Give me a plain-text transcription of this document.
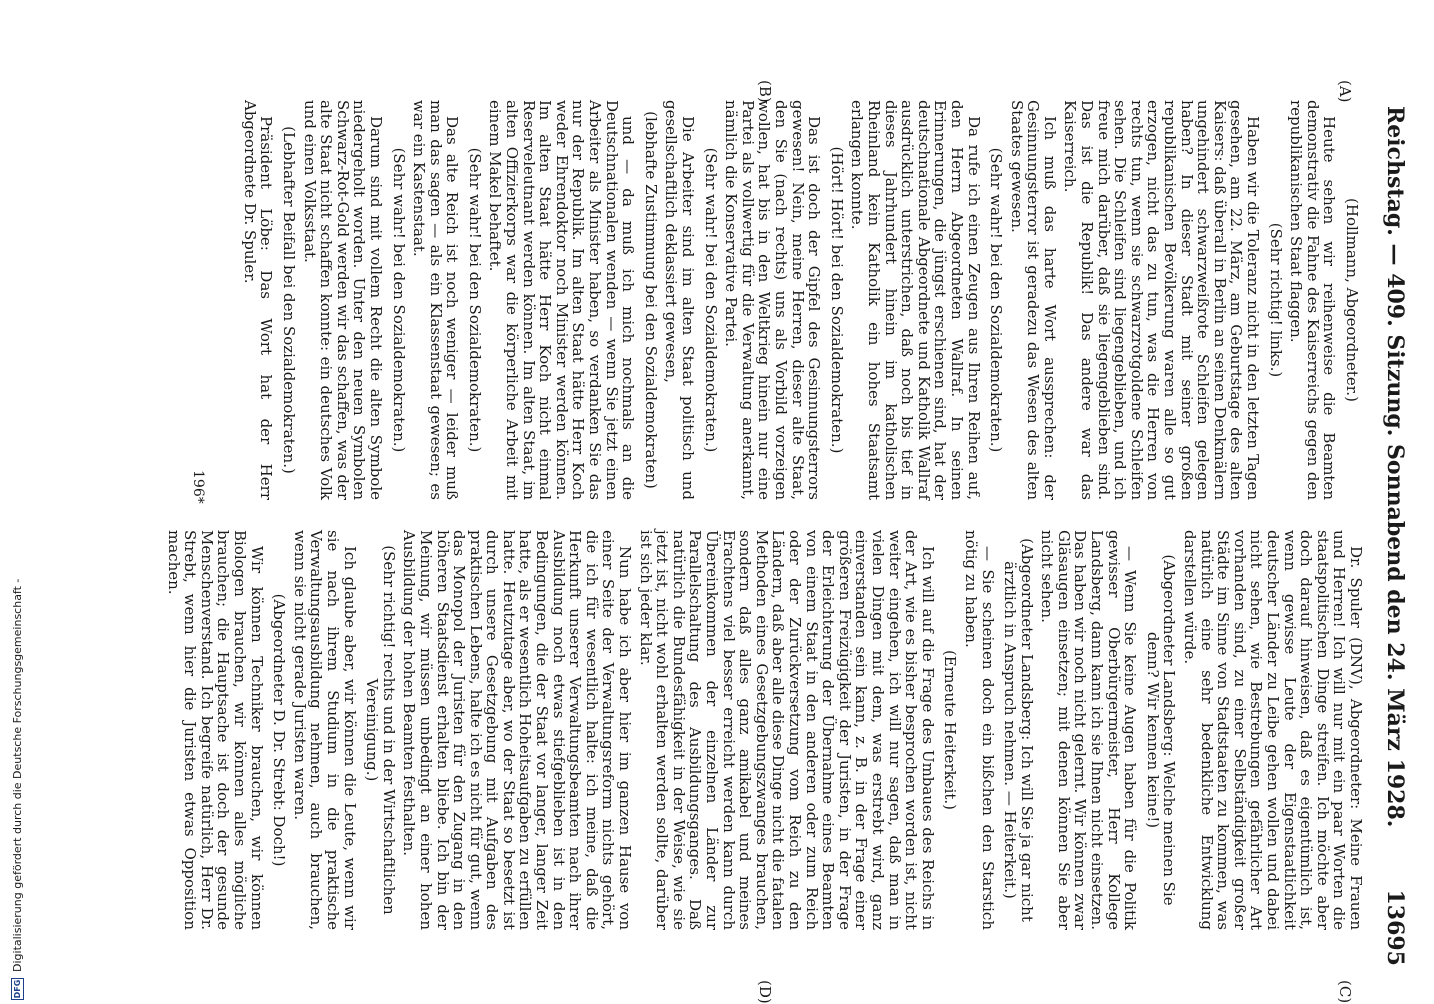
Reichstag. — 409. Sitzung. Sonnabend den 24. März 1928.
13695
(A)
(B)
(C)
(D)
(Hollmann, Abgeordneter.)
Heute sehen wir reihenweise die Beamten demonstrativ die Fahne des Kaiserreichs gegen den republikanischen Staat flaggen.
(Sehr richtig! links.)
Haben wir die Toleranz nicht in den letzten Tagen gesehen, am 22. März, am Geburtstage des alten Kaisers: daß überall in Berlin an seinen Denkmälern ungehindert schwarzweißrote Schleifen gelegen haben? In dieser Stadt mit seiner großen republikanischen Bevölkerung waren alle so gut erzogen, nicht das zu tun, was die Herren von rechts tun, wenn sie schwarzrotgoldene Schleifen sehen. Die Schleifen sind liegengeblieben, und ich freue mich darüber, daß sie liegengeblieben sind. Das ist die Republik! Das andere war das Kaiserreich.
Ich muß das harte Wort aussprechen: der Gesinnungsterror ist geradezu das Wesen des alten Staates gewesen.
(Sehr wahr! bei den Sozialdemokraten.)
Da rufe ich einen Zeugen aus Ihren Reihen auf, den Herrn Abgeordneten Wallraf. In seinen Erinnerungen, die jüngst erschienen sind, hat der deutschnationale Abgeordnete und Katholik Wallraf ausdrücklich unterstrichen, daß noch bis tief in dieses Jahrhundert hinein im katholischen Rheinland kein Katholik ein hohes Staatsamt erlangen konnte.
(Hört! Hört! bei den Sozialdemokraten.)
Das ist doch der Gipfel des Gesinnungsterrors gewesen! Nein, meine Herren, dieser alte Staat, den Sie (nach rechts) uns als Vorbild vorzeigen wollen, hat bis in den Weltkrieg hinein nur eine Partei als vollwertig für die Verwaltung anerkannt, nämlich die Konservative Partei.
(Sehr wahr! bei den Sozialdemokraten.)
Die Arbeiter sind im alten Staat politisch und gesellschaftlich deklassiert gewesen,
(lebhafte Zustimmung bei den Sozialdemokraten)
und — da muß ich mich nochmals an die Deutschnationalen wenden — wenn Sie jetzt einen Arbeiter als Minister haben, so verdanken Sie das nur der Republik. Im alten Staat hätte Herr Koch weder Ehrendoktor noch Minister werden können. Im alten Staat hätte Herr Koch nicht einmal Reserveleutnant werden können. Im alten Staat, im alten Offizierkorps war die körperliche Arbeit mit einem Makel behaftet.
(Sehr wahr! bei den Sozialdemokraten.)
Das alte Reich ist noch weniger — leider muß man das sagen — als ein Klassenstaat gewesen; es war ein Kastenstaat.
(Sehr wahr! bei den Sozialdemokraten.)
Darum sind mit vollem Recht die alten Symbole niedergeholt worden. Unter den neuen Symbolen Schwarz-Rot-Gold werden wir das schaffen, was der alte Staat nicht schaffen konnte: ein deutsches Volk und einen Volksstaat.
(Lebhafter Beifall bei den Sozialdemokraten.)
Präsident Löbe: Das Wort hat der Herr Abgeordnete Dr. Spuler.
Dr. Spuler (DNV), Abgeordneter: Meine Frauen und Herren! Ich will nur mit ein paar Worten die staatspolitischen Dinge streifen. Ich möchte aber doch darauf hinweisen, daß es eigentümlich ist, wenn gewisse Leute der Eigenstaatlichkeit deutscher Länder zu Leibe gehen wollen und dabei nicht sehen, wie Bestrebungen gefährlicher Art vorhanden sind, zu einer Selbständigkeit großer Städte im Sinne von Stadtstaaten zu kommen, was natürlich eine sehr bedenkliche Entwicklung darstellen würde.
(Abgeordneter Landsberg: Welche meinen Sie denn? Wir kennen keine!)
— Wenn Sie keine Augen haben für die Politik gewisser Oberbürgermeister, Herr Kollege Landsberg, dann kann ich sie Ihnen nicht einsetzen. Das haben wir noch nicht gelernt. Wir können zwar Gläsaugen einsetzen; mit denen können Sie aber nicht sehen.
(Abgeordneter Landsberg: Ich will Sie ja gar nicht ärztlich in Anspruch nehmen. — Heiterkeit.)
— Sie scheinen doch ein bißchen den Starstich nötig zu haben.
(Erneute Heiterkeit.)
Ich will auf die Frage des Umbaues des Reichs in der Art, wie es bisher besprochen worden ist, nicht weiter eingehen, ich will nur sagen, daß man in vielen Dingen mit dem, was erstrebt wird, ganz einverstanden sein kann, z. B. in der Frage einer größeren Freizügigkeit der Juristen, in der Frage der Erleichterung der Übernahme eines Beamten von einem Staat in den anderen oder zum Reich oder der Zurückversetzung vom Reich zu den Ländern, daß aber alle diese Dinge nicht die fatalen Methoden eines Gesetzgebungszwanges brauchen, sondern daß alles ganz amikabel und meines Erachtens viel besser erreicht werden kann durch Übereinkommen der einzelnen Länder zur Parallelschaltung des Ausbildungsganges. Daß natürlich die Bundesfähigkeit in der Weise, wie sie jetzt ist, nicht wohl erhalten werden sollte, darüber ist sich jeder klar.
Nun habe ich aber hier im ganzen Hause von einer Seite der Verwaltungsreform nichts gehört, die ich für wesentlich halte: ich meine, daß die Herkunft unserer Verwaltungsbeamten nach ihrer Ausbildung noch etwas stiefgeblieben ist in den Bedingungen, die der Staat vor langer, langer Zeit hatte, als er wesentlich Hoheitsaufgaben zu erfüllen hatte. Heutzutage aber, wo der Staat so besetzt ist durch unsere Gesetzgebung mit Aufgaben des praktischen Lebens, halte ich es nicht für gut, wenn das Monopol der Juristen für den Zugang in den höheren Staatsdienst erhalten bliebe. Ich bin der Meinung, wir müssen unbedingt an einer hohen Ausbildung der hohen Beamten festhalten.
(Sehr richtig! rechts und in der Wirtschaftlichen Vereinigung.)
Ich glaube aber, wir können die Leute, wenn wir sie nach ihrem Studium in die praktische Verwaltungsausbildung nehmen, auch brauchen, wenn sie nicht gerade Juristen waren.
(Abgeordneter D. Dr. Strebt: Doch!)
Wir können Techniker brauchen, wir können Biologen brauchen, wir können alles mögliche brauchen; die Hauptsache ist doch der gesunde Menschenverstand. Ich begreife natürlich, Herr Dr. Strebt, wenn hier die Juristen etwas Opposition machen.
196*
DFG
Digitalisierung gefördert durch die Deutsche Forschungsgemeinschaft -
